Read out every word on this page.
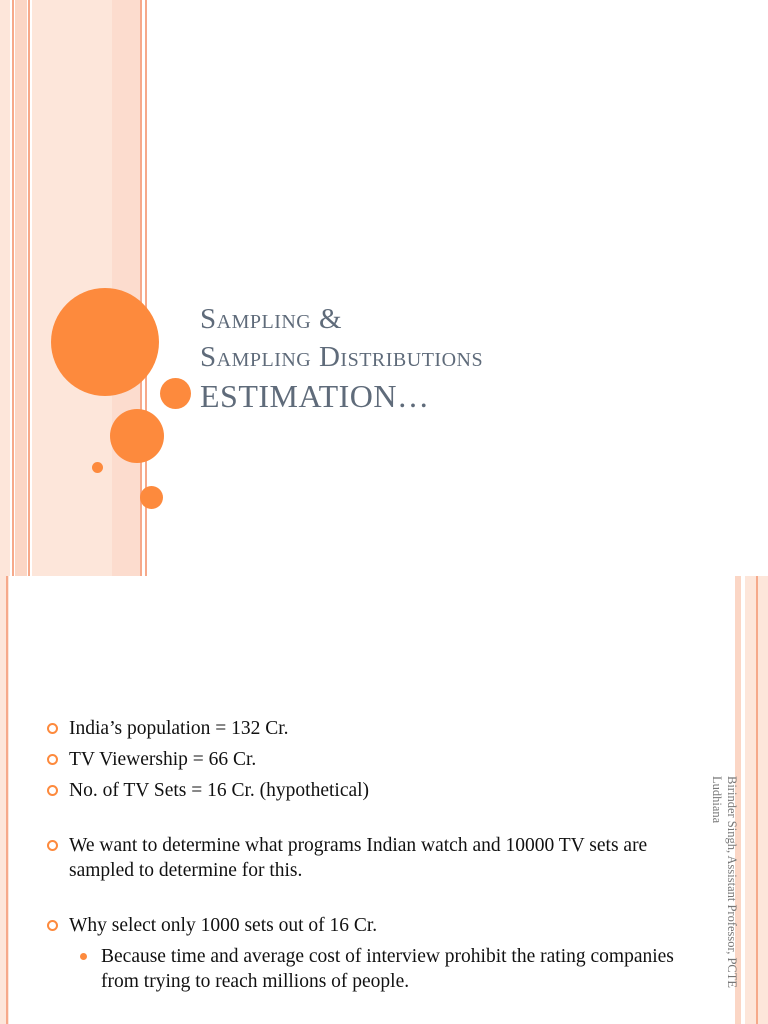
Sampling &
Sampling Distributions
ESTIMATION…
India’s population = 132 Cr.
TV Viewership = 66 Cr.
No. of TV Sets = 16 Cr. (hypothetical)
We want to determine what programs Indian watch and 10000 TV sets are sampled to determine for this.
Why select only 1000 sets out of 16 Cr.
Because time and average cost of interview prohibit the rating companies from trying to reach millions of people.	Birinder Singh, Assistant Professor, PCTE
Ludhiana
